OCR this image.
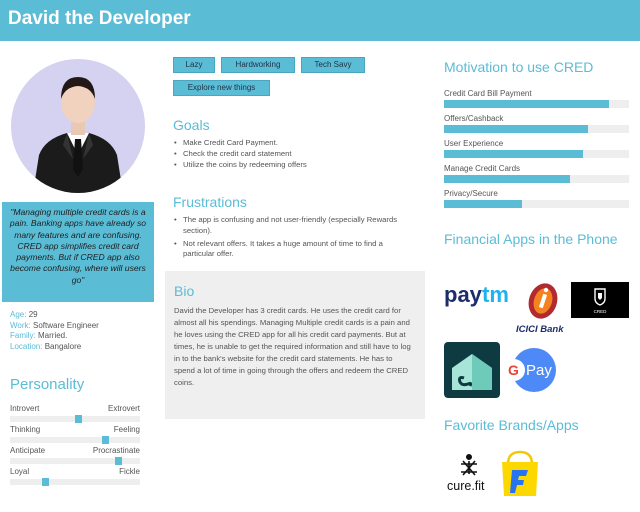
David the Developer
"Managing multiple credit cards is a pain. Banking apps have already so many features and are confusing. CRED app simplifies credit card payments. But if CRED app also become confusing, where will users go"
Age: 29
Work: Software Engineer
Family: Married.
Location: Bangalore
Personality
Introvert	Extrovert
Thinking	Feeling
Anticipate	Procrastinate
Loyal	Fickle
Lazy	Hardworking	Tech Savy
Explore new things
Goals
• Make Credit Card Payment.
• Check the credit card statement
• Utilize the coins by redeeming offers
Frustrations
• The app is confusing and not user-friendly (especially Rewards section).
• Not relevant offers. It takes a huge amount of time to find a particular offer.
Bio
David the Developer has 3 credit cards. He uses the credit card for almost all his spendings. Managing Multiple credit cards is a pain and he loves using the CRED app for all his credit card payments. But at times, he is unable to get the required information and still have to log in to the bank's website for the credit card statements. He has to spend a lot of time in going through the offers and redeem the CRED coins.
Motivation to use CRED
Credit Card Bill Payment
Offers/Cashback
User Experience
Manage Credit Cards
Privacy/Secure
Financial Apps in the Phone
pay tm
ICICI Bank
CRED
G Pay
Favorite Brands/Apps
cure.fit
